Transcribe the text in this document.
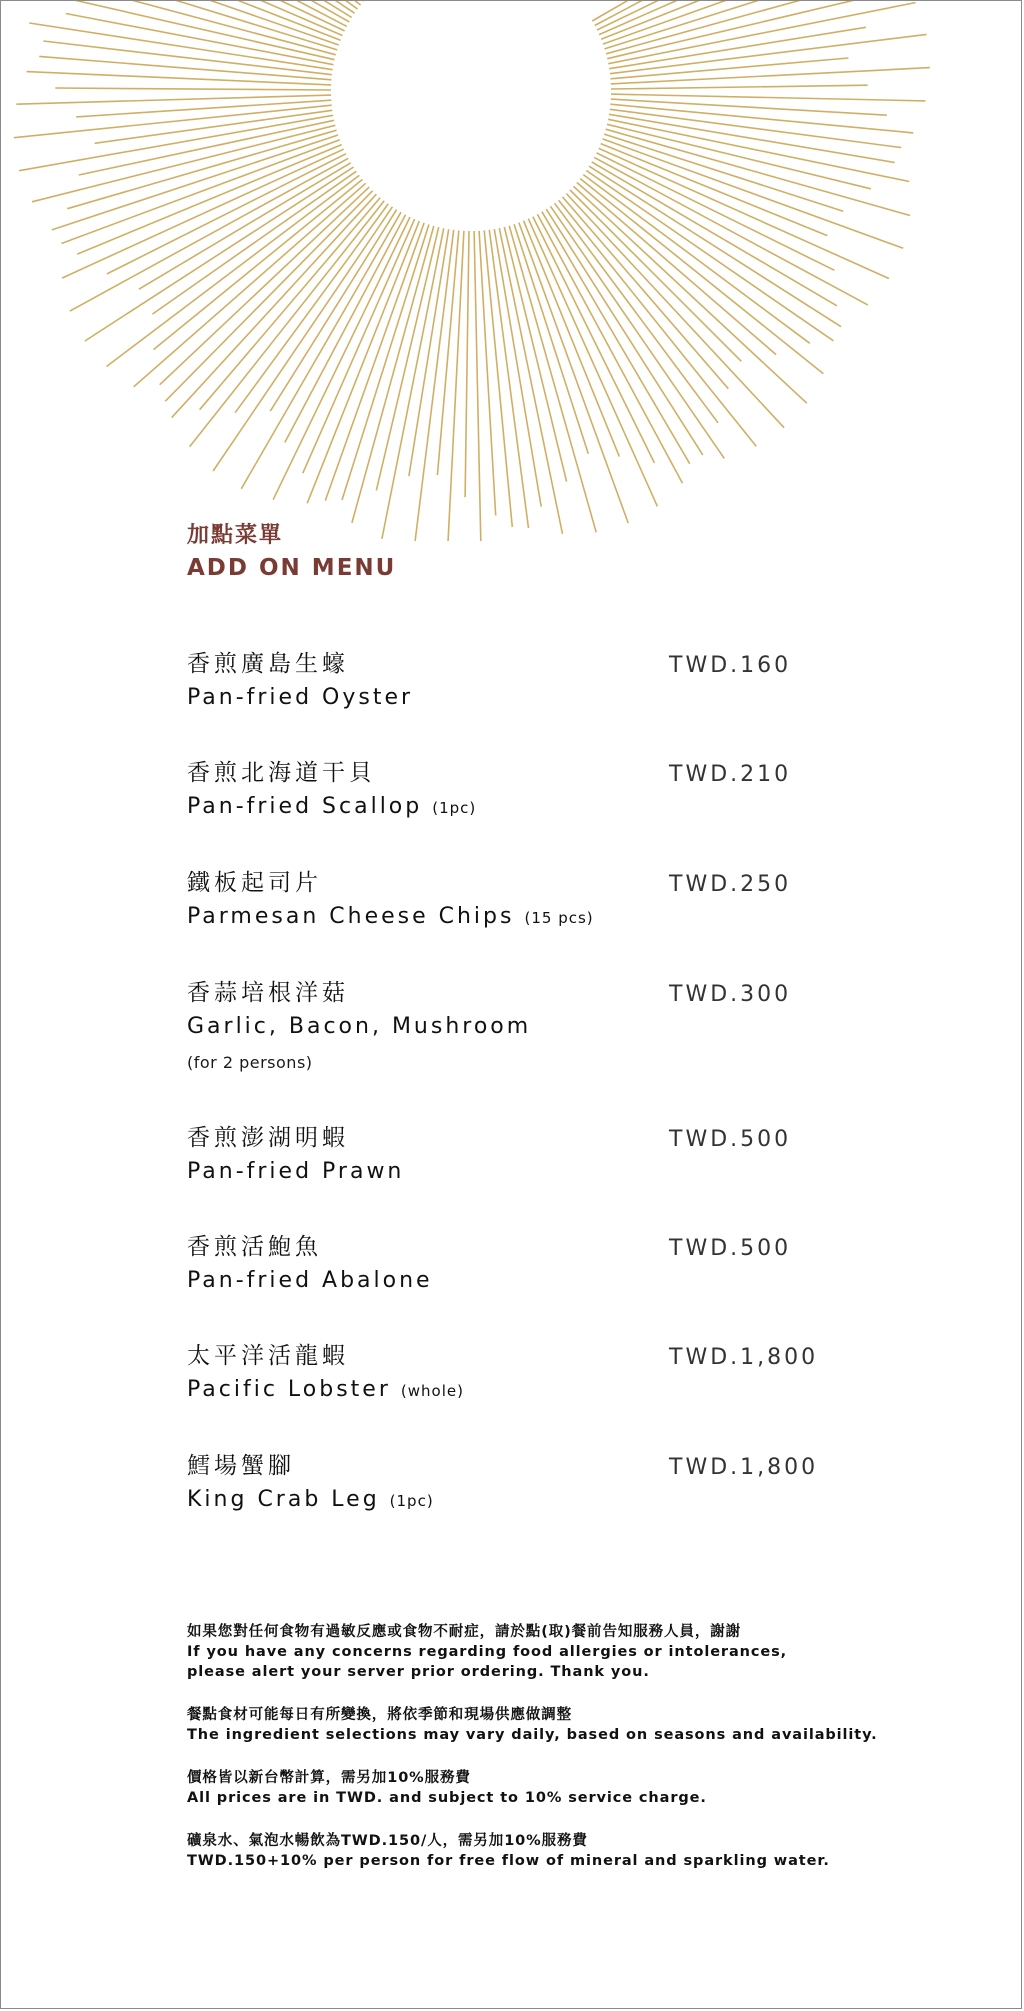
加點菜單
ADD ON MENU
香煎廣島生蠔
Pan-fried Oyster
TWD.160
香煎北海道干貝
Pan-fried Scallop (1pc)
TWD.210
鐵板起司片
Parmesan Cheese Chips (15 pcs)
TWD.250
香蒜培根洋菇
Garlic, Bacon, Mushroom
(for 2 persons)
TWD.300
香煎澎湖明蝦
Pan-fried Prawn
TWD.500
香煎活鮑魚
Pan-fried Abalone
TWD.500
太平洋活龍蝦
Pacific Lobster (whole)
TWD.1,800
鱈場蟹腳
King Crab Leg (1pc)
TWD.1,800
如果您對任何食物有過敏反應或食物不耐症，請於點(取)餐前告知服務人員，謝謝
If you have any concerns regarding food allergies or intolerances,
please alert your server prior ordering. Thank you.
餐點食材可能每日有所變換，將依季節和現場供應做調整
The ingredient selections may vary daily, based on seasons and availability.
價格皆以新台幣計算，需另加10%服務費
All prices are in TWD. and subject to 10% service charge.
礦泉水、氣泡水暢飲為TWD.150/人，需另加10%服務費
TWD.150+10% per person for free flow of mineral and sparkling water.
